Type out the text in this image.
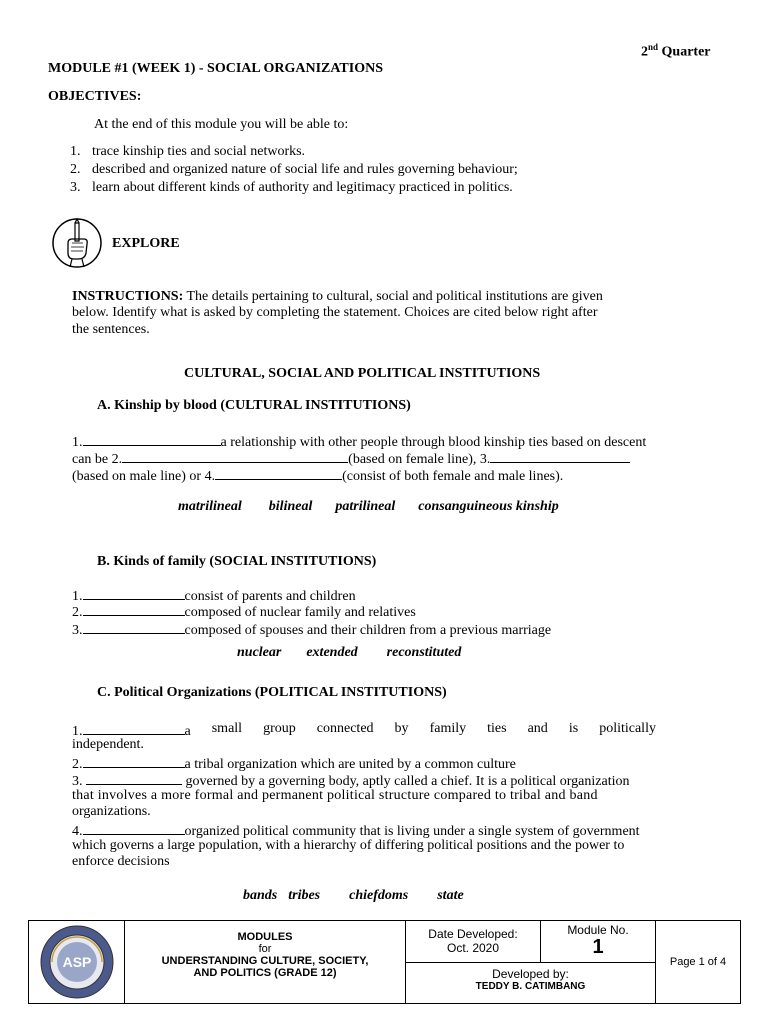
2nd Quarter
MODULE #1 (WEEK 1) - SOCIAL ORGANIZATIONS
OBJECTIVES:
At the end of this module you will be able to:
1. trace kinship ties and social networks.
2. described and organized nature of social life and rules governing behaviour;
3. learn about different kinds of authority and legitimacy practiced in politics.
EXPLORE
INSTRUCTIONS: The details pertaining to cultural, social and political institutions are given
below. Identify what is asked by completing the statement. Choices are cited below right after
the sentences.
CULTURAL, SOCIAL AND POLITICAL INSTITUTIONS
A. Kinship by blood (CULTURAL INSTITUTIONS)
1.	a relationship with other people through blood kinship ties based on descent
can be 2.	(based on female line), 3.
(based on male line) or 4.	(consist of both female and male lines).
matrilineal bilineal patrilineal consanguineous kinship
B. Kinds of family (SOCIAL INSTITUTIONS)
1.	consist of parents and children
2.	composed of nuclear family and relatives
3.	composed of spouses and their children from a previous marriage
nuclear extended reconstituted
C. Political Organizations (POLITICAL INSTITUTIONS)
1.	a small group connected by family ties and is politically
independent.
2.	a tribal organization which are united by a common culture
3.	governed by a governing body, aptly called a chief. It is a political organization
that involves a more formal and permanent political structure compared to tribal and band
organizations.
4.	organized political community that is living under a single system of government
which governs a large population, with a hierarchy of differing political positions and the power to
enforce decisions
bands tribes chiefdoms state
ASP
MODULES
for
UNDERSTANDING CULTURE, SOCIETY,
AND POLITICS (GRADE 12)
Date Developed:
Oct. 2020
Module No.
1
Developed by:
TEDDY B. CATIMBANG
Page 1 of 4
